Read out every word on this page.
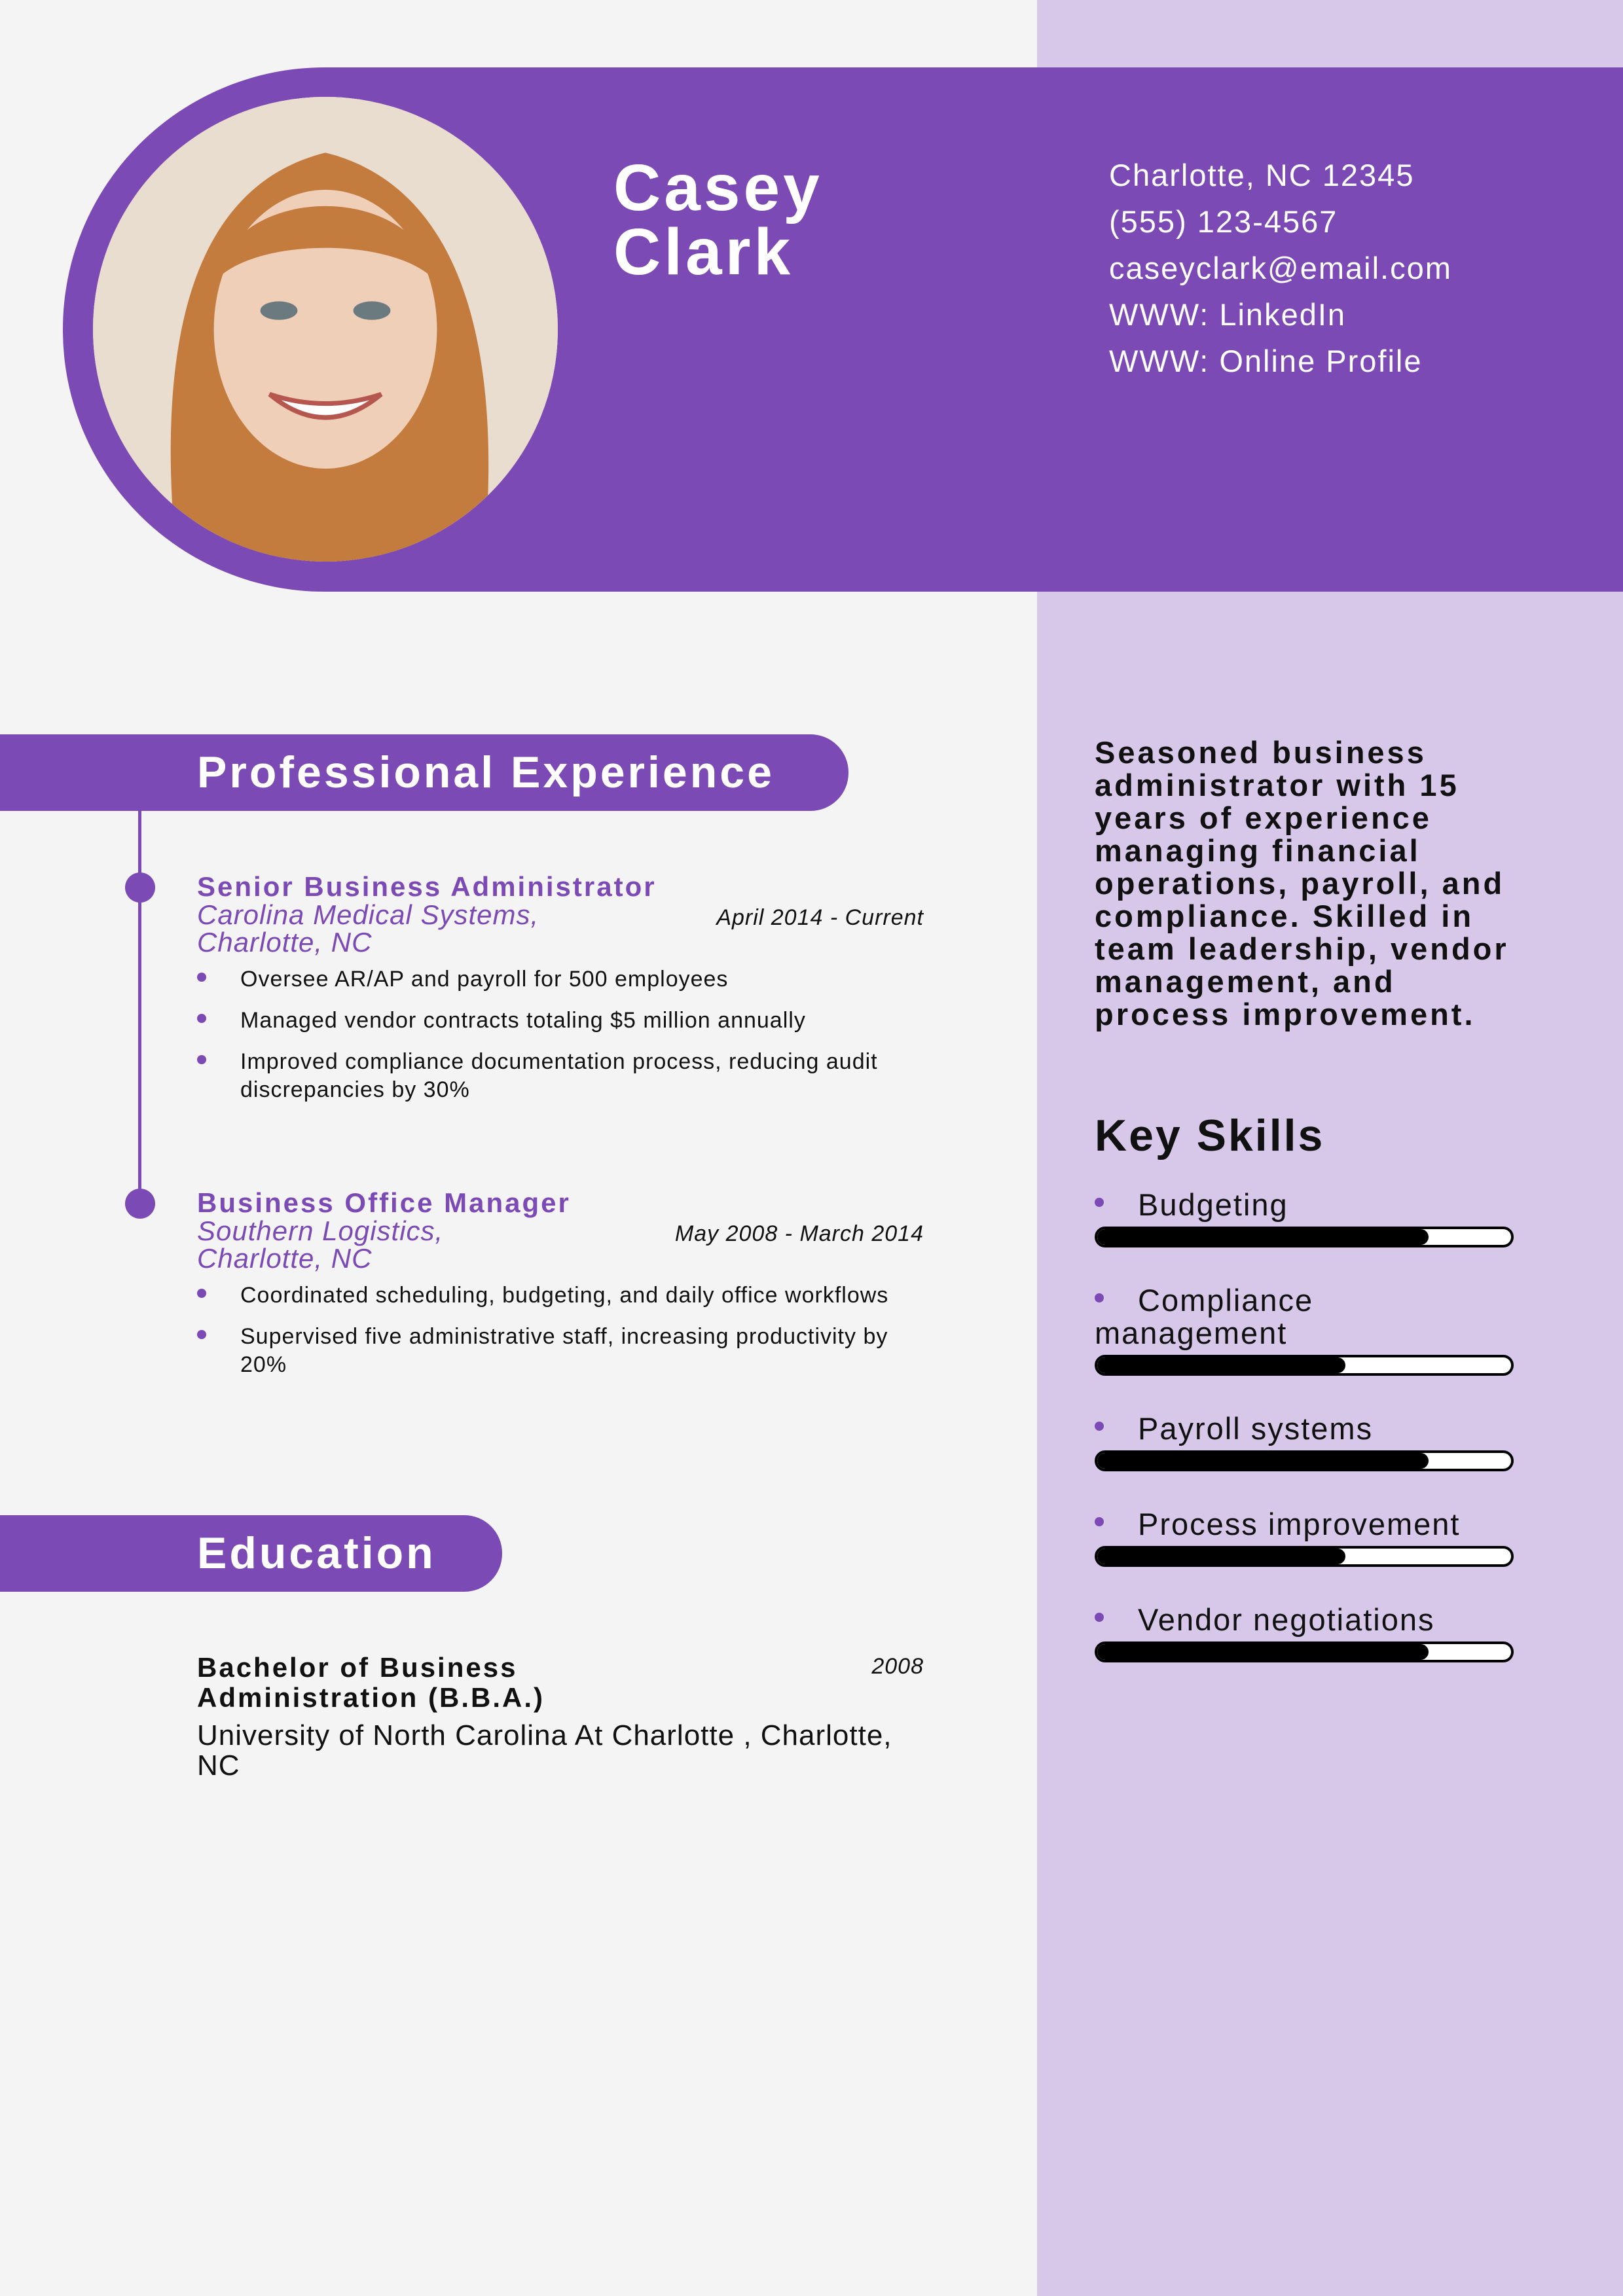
Casey
Clark
Charlotte, NC 12345
(555) 123-4567
caseyclark@email.com
WWW: LinkedIn
WWW: Online Profile
Professional Experience
Senior Business Administrator
April 2014 - Current
Carolina Medical Systems, Charlotte, NC
Oversee AR/AP and payroll for 500 employees
Managed vendor contracts totaling $5 million annually
Improved compliance documentation process, reducing audit discrepancies by 30%
Business Office Manager
May 2008 - March 2014
Southern Logistics, Charlotte, NC
Coordinated scheduling, budgeting, and daily office workflows
Supervised five administrative staff, increasing productivity by 20%
Education
2008
Bachelor of Business Administration (B.B.A.)
University of North Carolina At Charlotte , Charlotte, NC
Seasoned business administrator with 15 years of experience managing financial operations, payroll, and compliance. Skilled in team leadership, vendor management, and process improvement.
Key Skills
Budgeting
Compliance management
Payroll systems
Process improvement
Vendor negotiations
